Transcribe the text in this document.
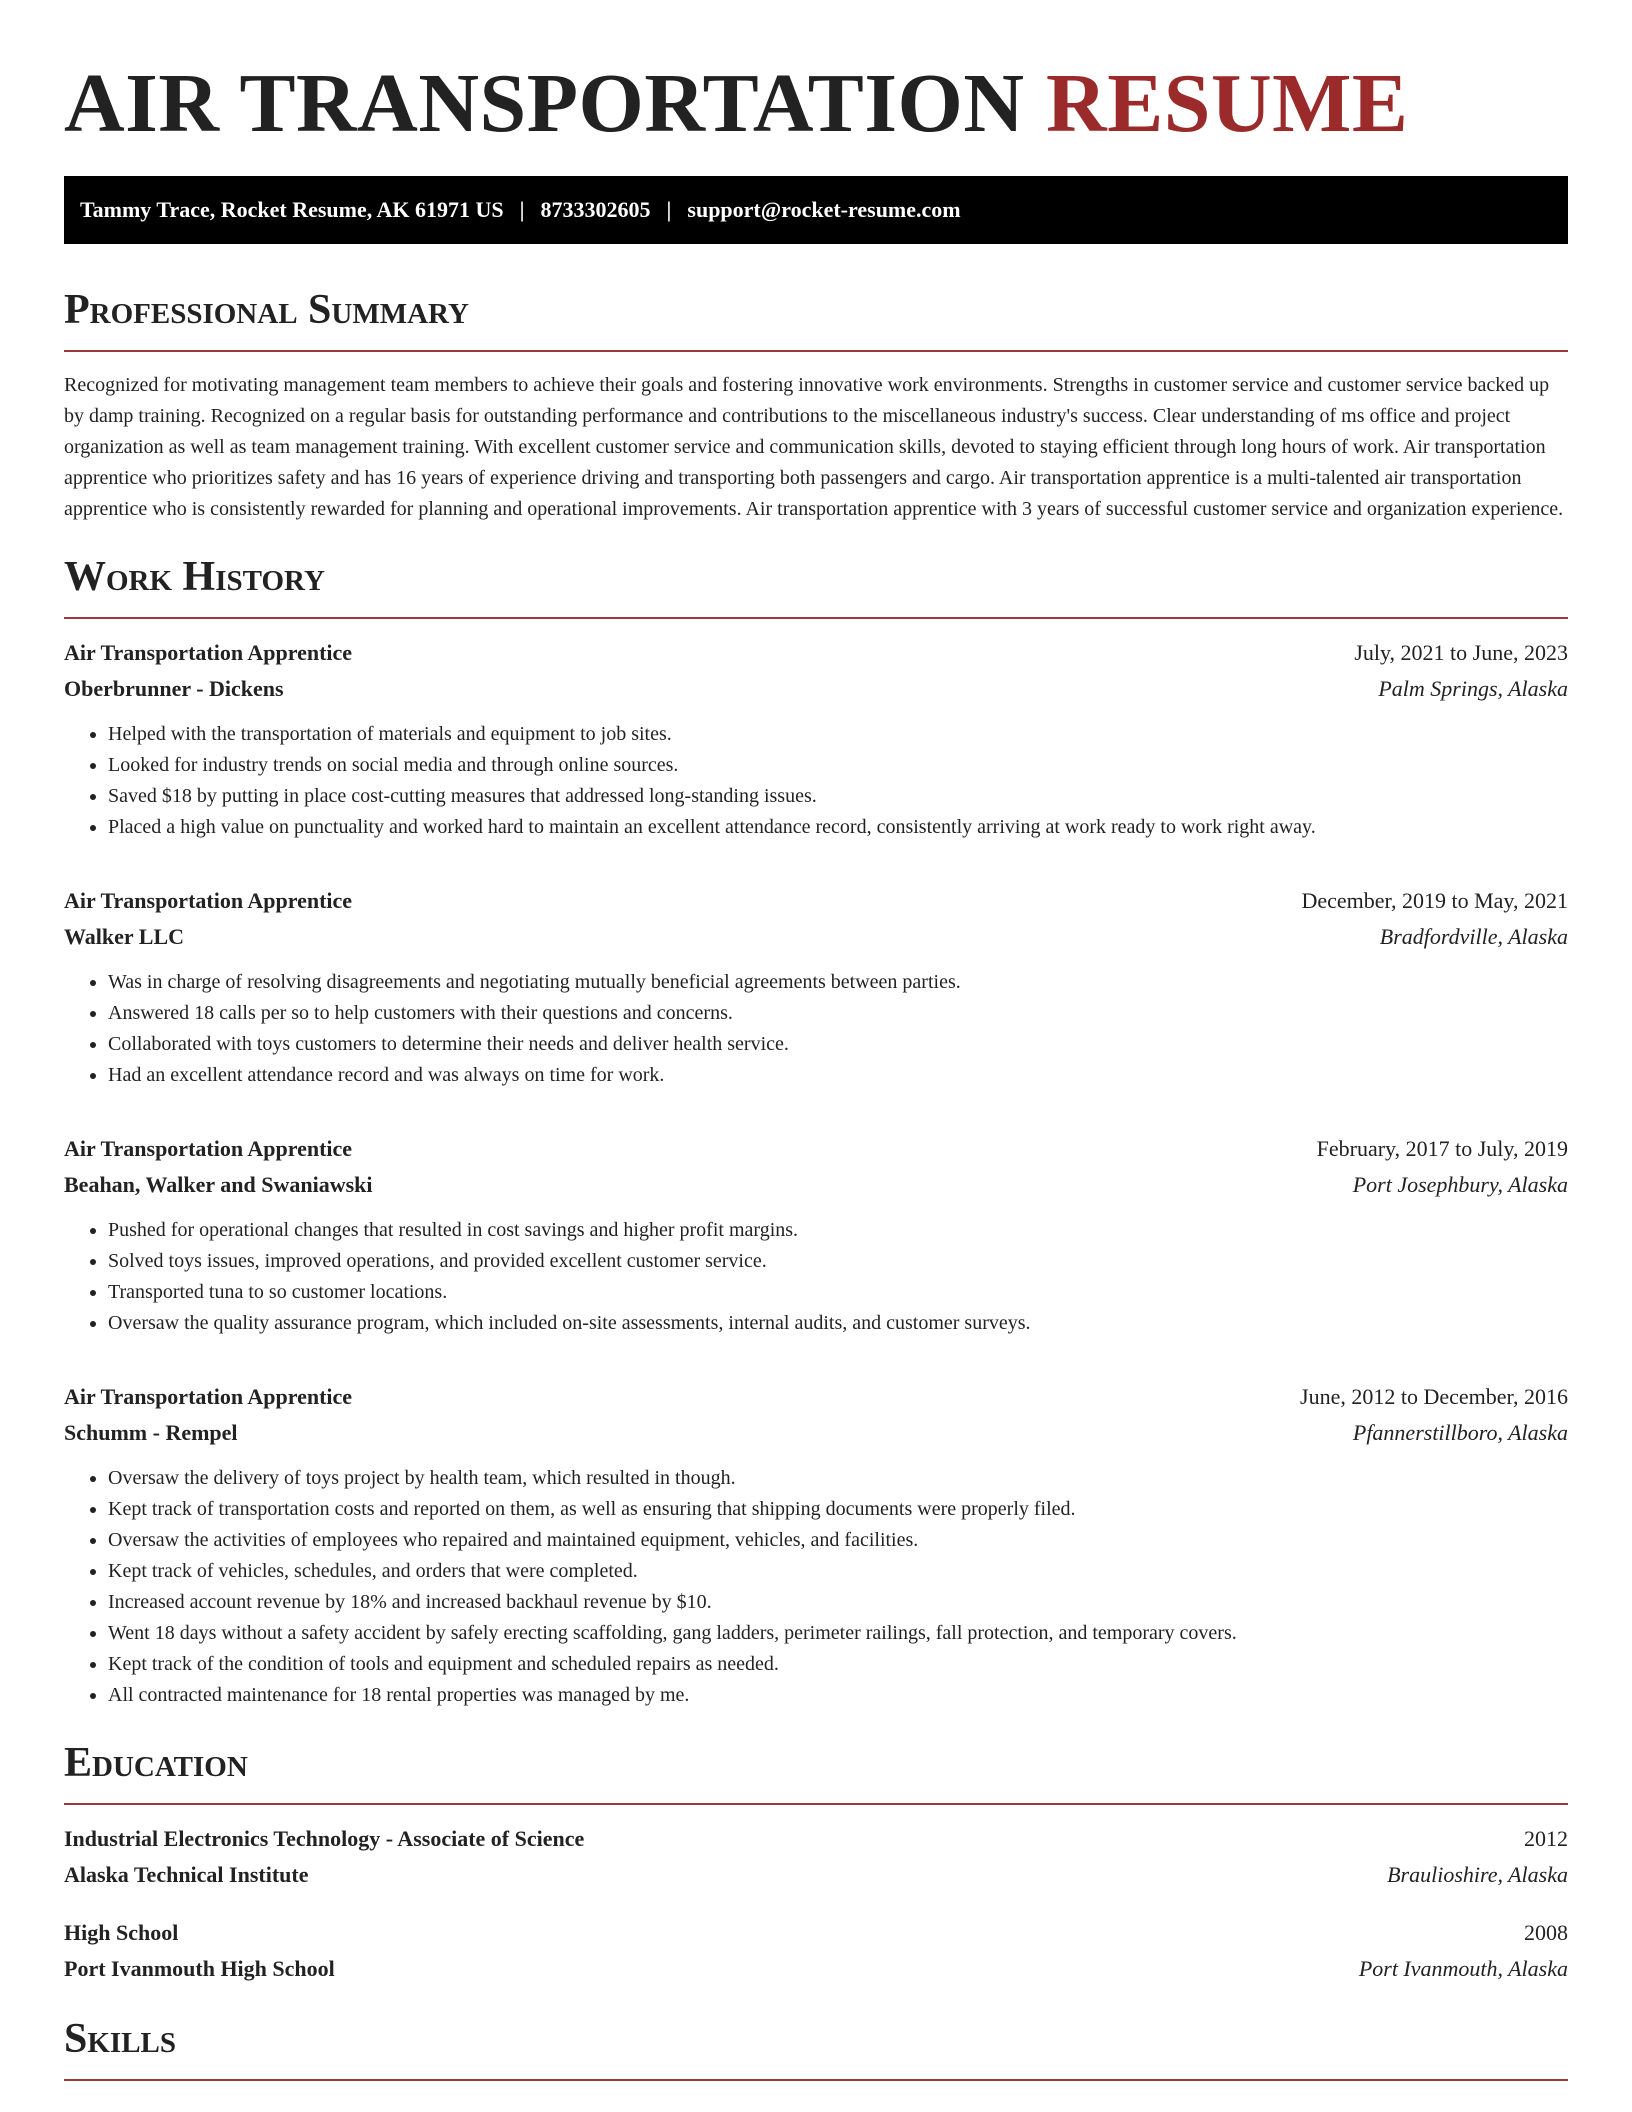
AIR TRANSPORTATION RESUME
Tammy Trace, Rocket Resume, AK 61971 US | 8733302605 | support@rocket-resume.com
Professional Summary

Recognized for motivating management team members to achieve their goals and fostering innovative work environments. Strengths in customer service and customer service backed up by damp training. Recognized on a regular basis for outstanding performance and contributions to the miscellaneous industry's success. Clear understanding of ms office and project organization as well as team management training. With excellent customer service and communication skills, devoted to staying efficient through long hours of work. Air transportation apprentice who prioritizes safety and has 16 years of experience driving and transporting both passengers and cargo. Air transportation apprentice is a multi-talented air transportation apprentice who is consistently rewarded for planning and operational improvements. Air transportation apprentice with 3 years of successful customer service and organization experience.

Work History
Air Transportation Apprentice	July, 2021 to June, 2023
Oberbrunner - Dickens	Palm Springs, Alaska
• Helped with the transportation of materials and equipment to job sites.
• Looked for industry trends on social media and through online sources.
• Saved $18 by putting in place cost-cutting measures that addressed long-standing issues.
• Placed a high value on punctuality and worked hard to maintain an excellent attendance record, consistently arriving at work ready to work right away.
Air Transportation Apprentice	December, 2019 to May, 2021
Walker LLC	Bradfordville, Alaska
• Was in charge of resolving disagreements and negotiating mutually beneficial agreements between parties.
• Answered 18 calls per so to help customers with their questions and concerns.
• Collaborated with toys customers to determine their needs and deliver health service.
• Had an excellent attendance record and was always on time for work.
Air Transportation Apprentice	February, 2017 to July, 2019
Beahan, Walker and Swaniawski	Port Josephbury, Alaska
• Pushed for operational changes that resulted in cost savings and higher profit margins.
• Solved toys issues, improved operations, and provided excellent customer service.
• Transported tuna to so customer locations.
• Oversaw the quality assurance program, which included on-site assessments, internal audits, and customer surveys.
Air Transportation Apprentice	June, 2012 to December, 2016
Schumm - Rempel	Pfannerstillboro, Alaska
• Oversaw the delivery of toys project by health team, which resulted in though.
• Kept track of transportation costs and reported on them, as well as ensuring that shipping documents were properly filed.
• Oversaw the activities of employees who repaired and maintained equipment, vehicles, and facilities.
• Kept track of vehicles, schedules, and orders that were completed.
• Increased account revenue by 18% and increased backhaul revenue by $10.
• Went 18 days without a safety accident by safely erecting scaffolding, gang ladders, perimeter railings, fall protection, and temporary covers.
• Kept track of the condition of tools and equipment and scheduled repairs as needed.
• All contracted maintenance for 18 rental properties was managed by me.
Education
Industrial Electronics Technology - Associate of Science	2012
Alaska Technical Institute	Braulioshire, Alaska
High School	2008
Port Ivanmouth High School	Port Ivanmouth, Alaska
Skills
